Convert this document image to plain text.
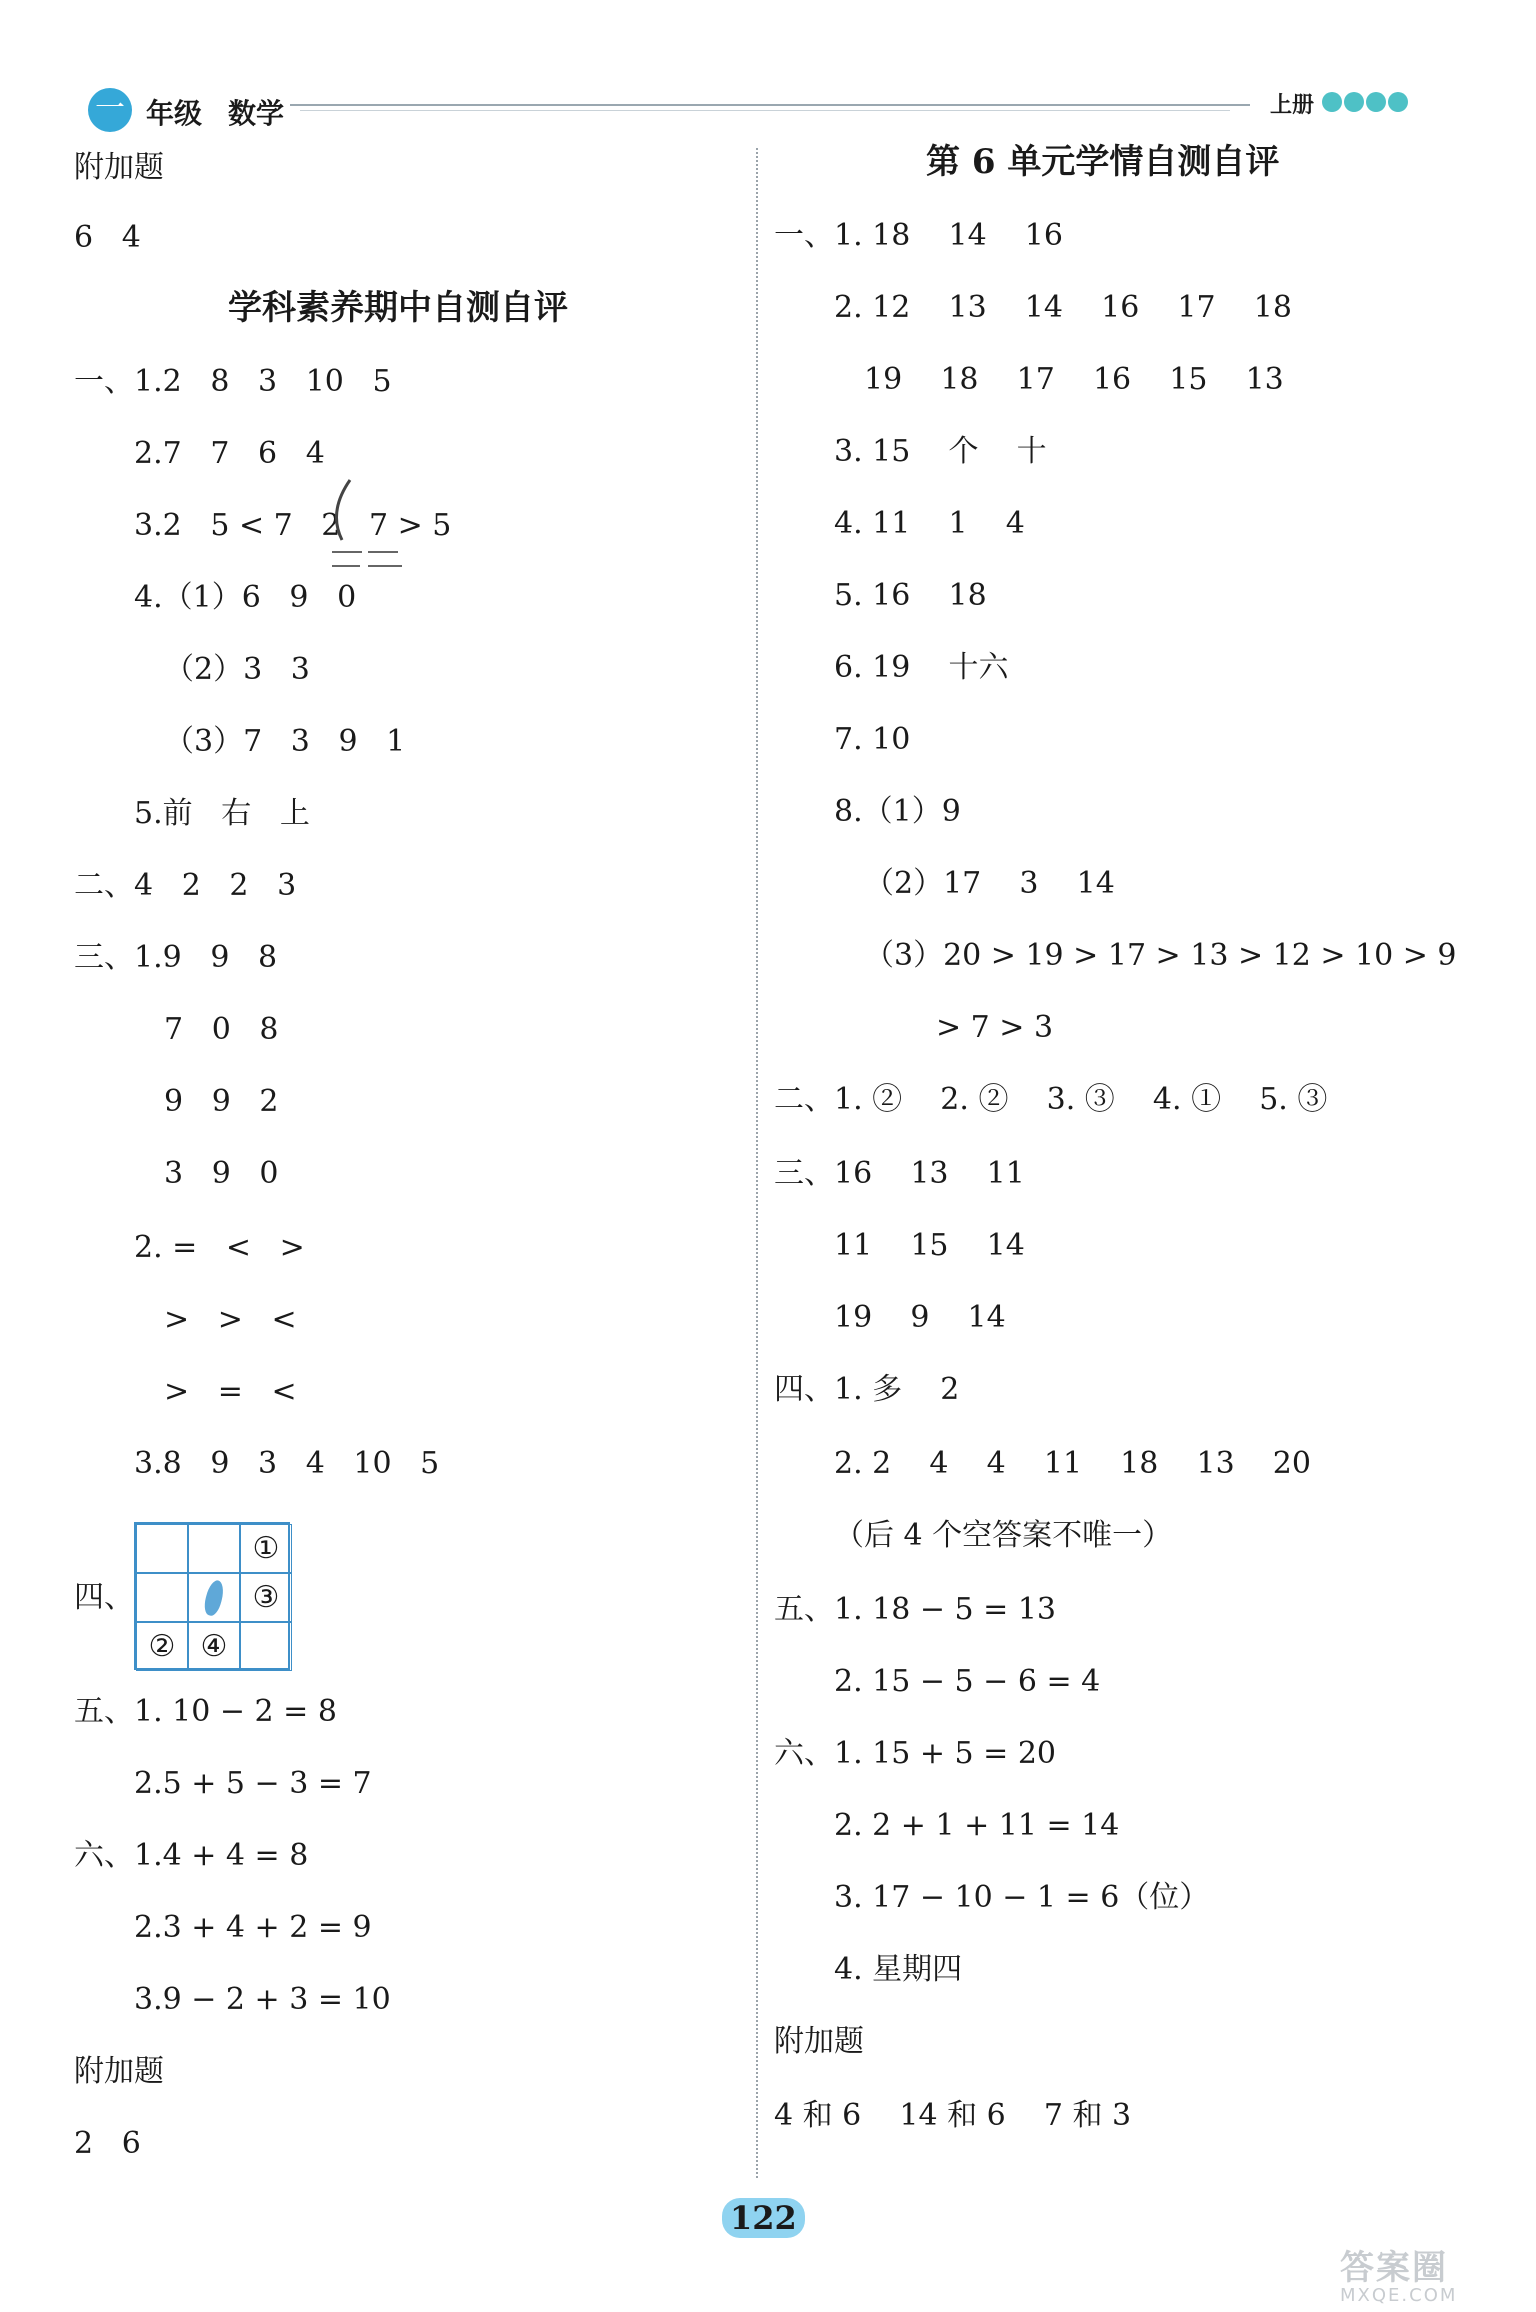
一 年级 数学	上册
附加题
6   4
学科素养期中自测自评
一、1.2   8   3   10   5
2.7   7   6   4
3.2   5 < 7   2   7 > 5
4.（1）6   9   0
（2）3   3
（3）7   3   9   1
5.前   右   上
二、4   2   2   3
三、1.9   9   8
7   0   8
9   9   2
3   9   0
2. =   <   >
>   >   <
>   =   <
3.8   9   3   4   10   5
四、
①
③
② ④
五、1. 10 − 2 = 8
2.5 + 5 − 3 = 7
六、1.4 + 4 = 8
2.3 + 4 + 2 = 9
3.9 − 2 + 3 = 10
附加题
2   6
第 6 单元学情自测自评
一、1. 18    14    16
2. 12    13    14    16    17    18
19    18    17    16    15    13
3. 15    个    十
4. 11    1    4
5. 16    18
6. 19    十六
7. 10
8.（1）9
（2）17    3    14
（3）20 > 19 > 17 > 13 > 12 > 10 > 9
> 7 > 3
二、1. ②    2. ②    3. ③    4. ①    5. ③
三、16    13    11
11    15    14
19    9    14
四、1. 多    2
2. 2    4    4    11    18    13    20
（后 4 个空答案不唯一）
五、1. 18 − 5 = 13
2. 15 − 5 − 6 = 4
六、1. 15 + 5 = 20
2. 2 + 1 + 11 = 14
3. 17 − 10 − 1 = 6（位）
4. 星期四
附加题
4 和 6    14 和 6    7 和 3
122
答案圈
MXQE.COM
